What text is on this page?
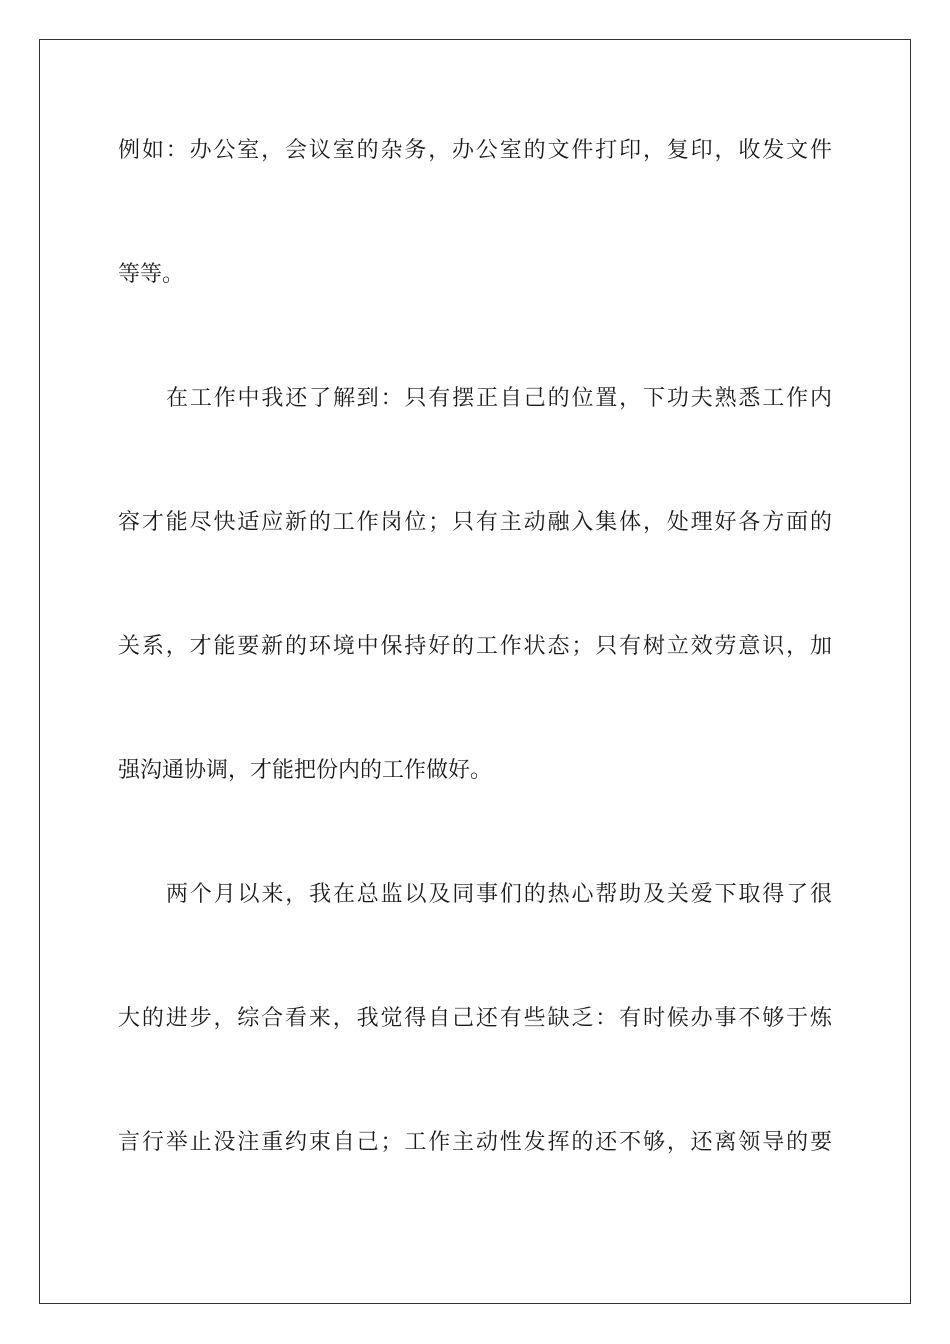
例如：办公室，会议室的杂务，办公室的文件打印，复印，收发文件
等等。
在工作中我还了解到：只有摆正自己的位置，下功夫熟悉工作内
容才能尽快适应新的工作岗位；只有主动融入集体，处理好各方面的
关系，才能要新的环境中保持好的工作状态；只有树立效劳意识，加
强沟通协调，才能把份内的工作做好。
两个月以来，我在总监以及同事们的热心帮助及关爱下取得了很
大的进步，综合看来，我觉得自己还有些缺乏：有时候办事不够于炼
言行举止没注重约束自己；工作主动性发挥的还不够，还离领导的要
